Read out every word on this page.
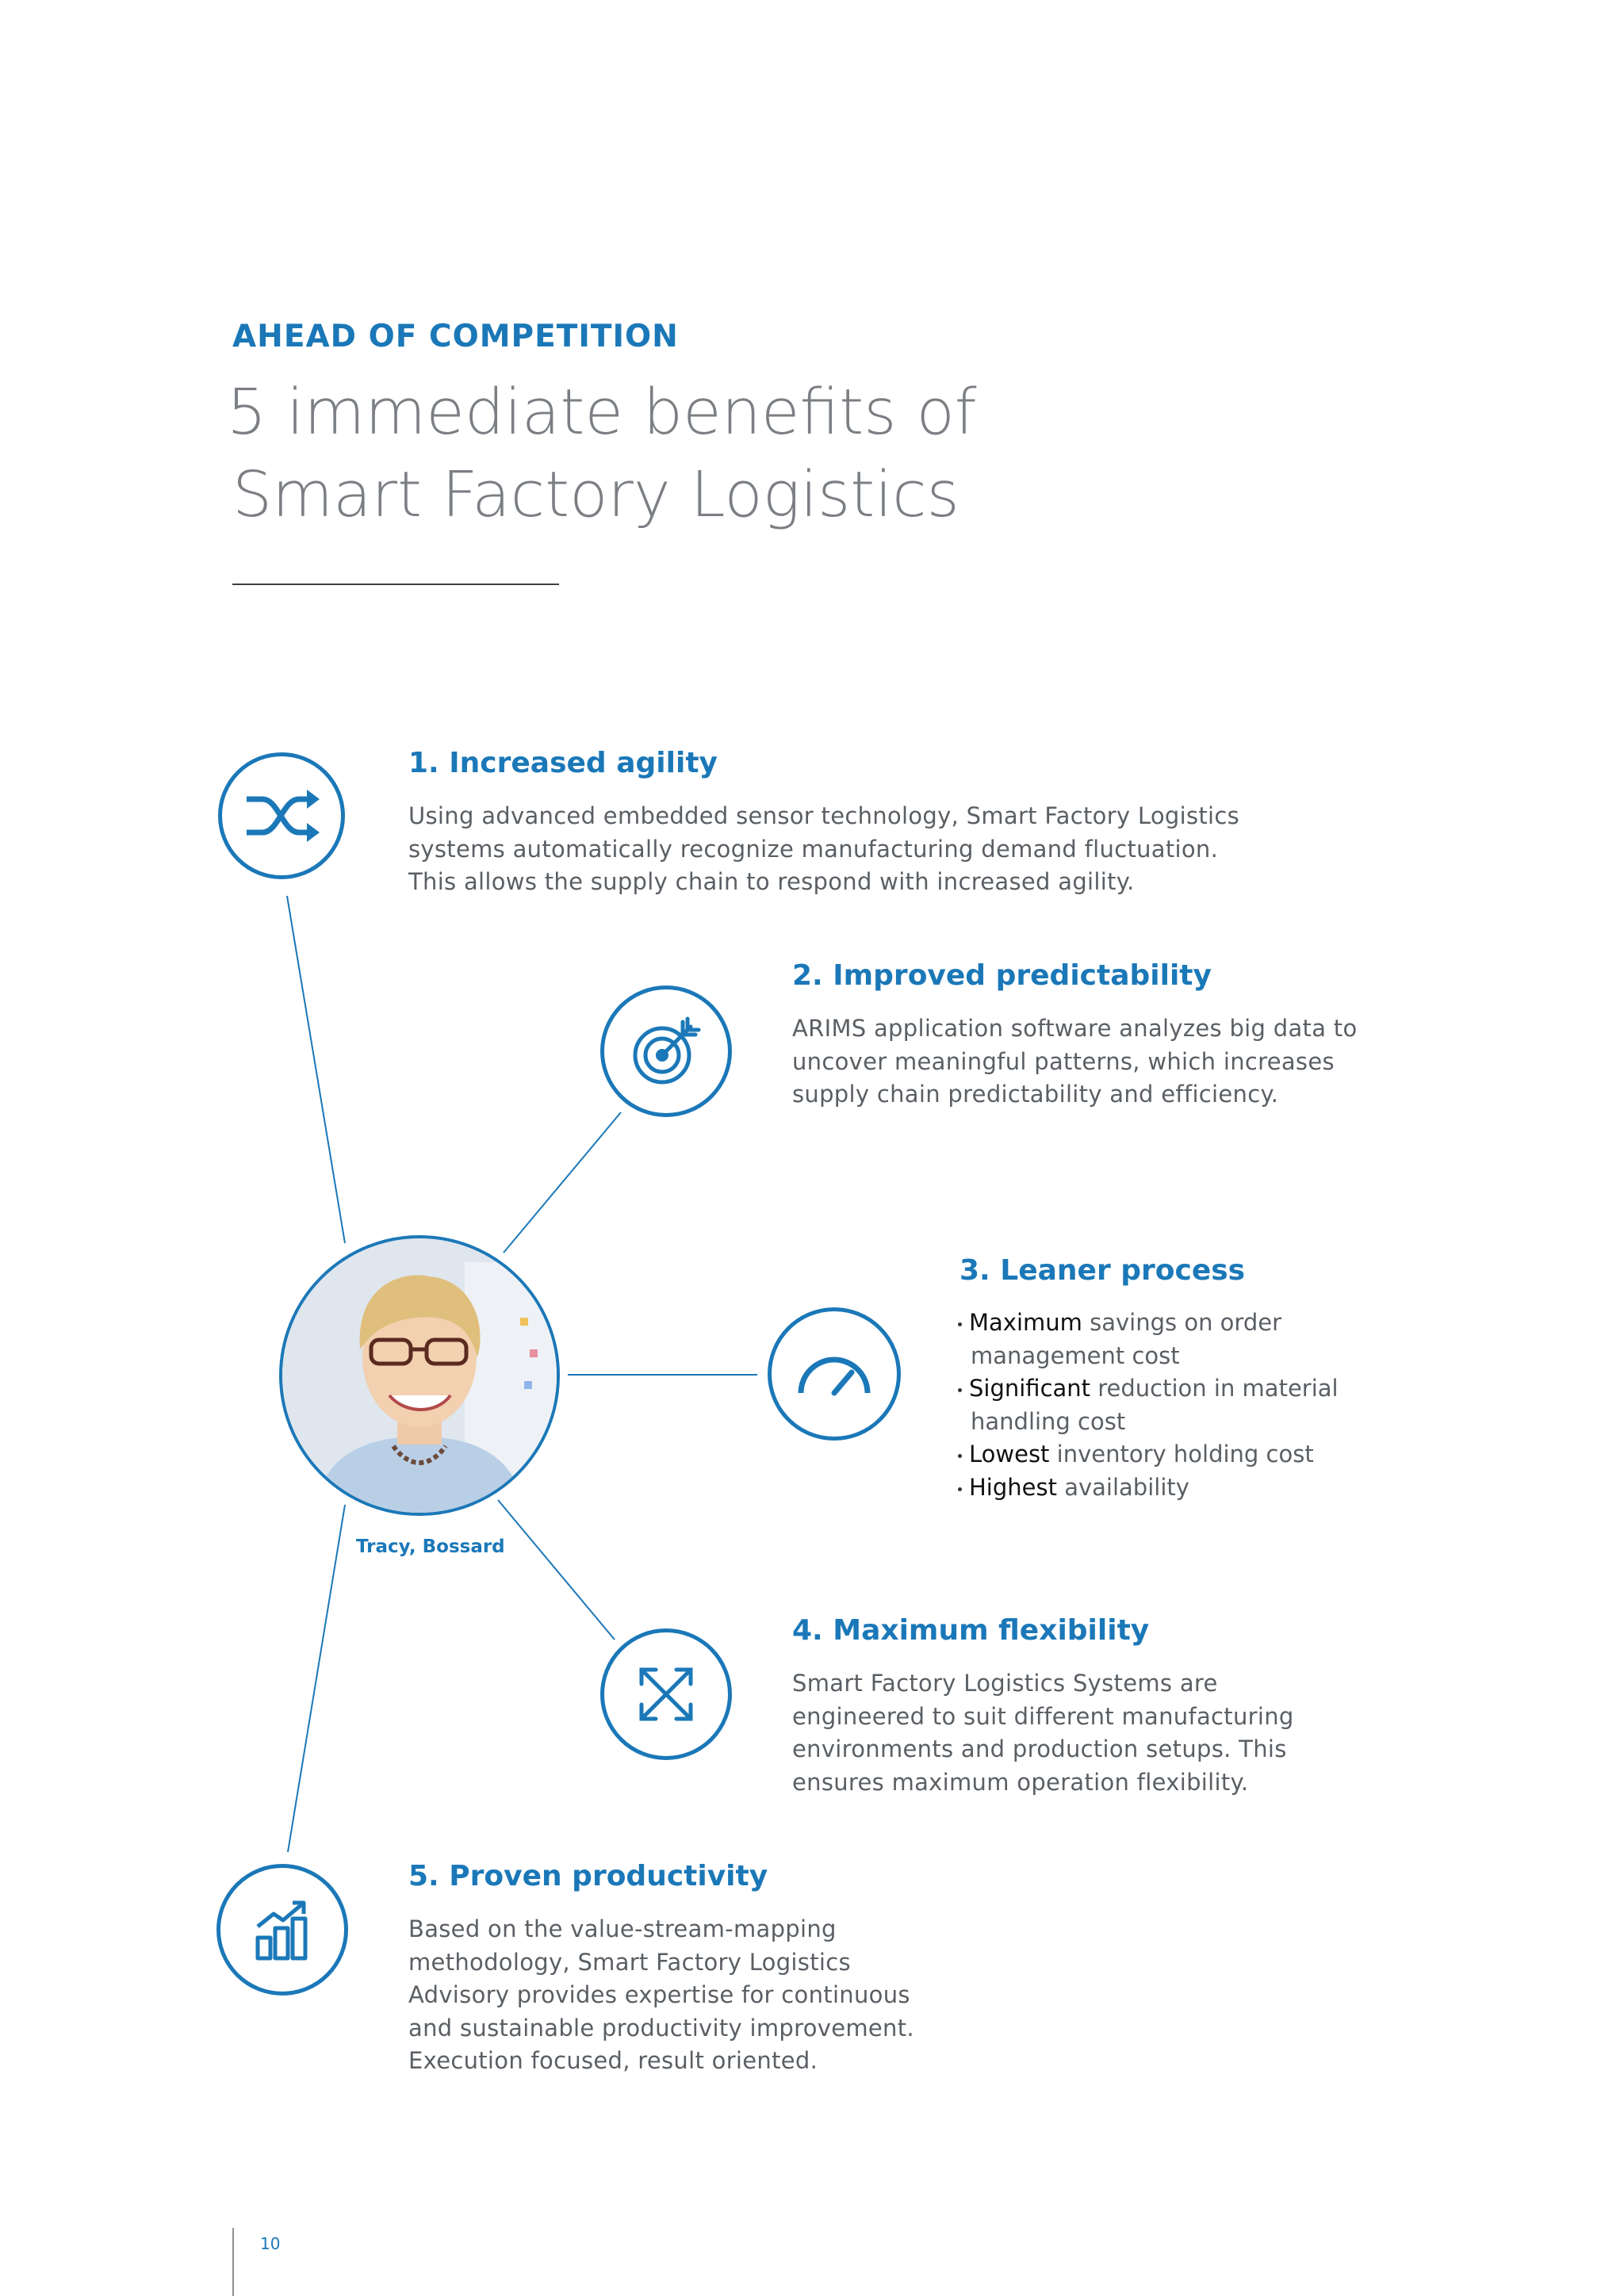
AHEAD OF COMPETITION
5 immediate benefits of
Smart Factory Logistics
1. Increased agility
Using advanced embedded sensor technology, Smart Factory Logistics
systems automatically recognize manufacturing demand fluctuation.
This allows the supply chain to respond with increased agility.
2. Improved predictability
ARIMS application software analyzes big data to
uncover meaningful patterns, which increases
supply chain predictability and efficiency.
Tracy, Bossard
3. Leaner process
Maximum savings on order
management cost
Significant reduction in material
handling cost
Lowest inventory holding cost
Highest availability
4. Maximum flexibility
Smart Factory Logistics Systems are
engineered to suit different manufacturing
environments and production setups. This
ensures maximum operation flexibility.
5. Proven productivity
Based on the value-stream-mapping
methodology, Smart Factory Logistics
Advisory provides expertise for continuous
and sustainable productivity improvement.
Execution focused, result oriented.
10
